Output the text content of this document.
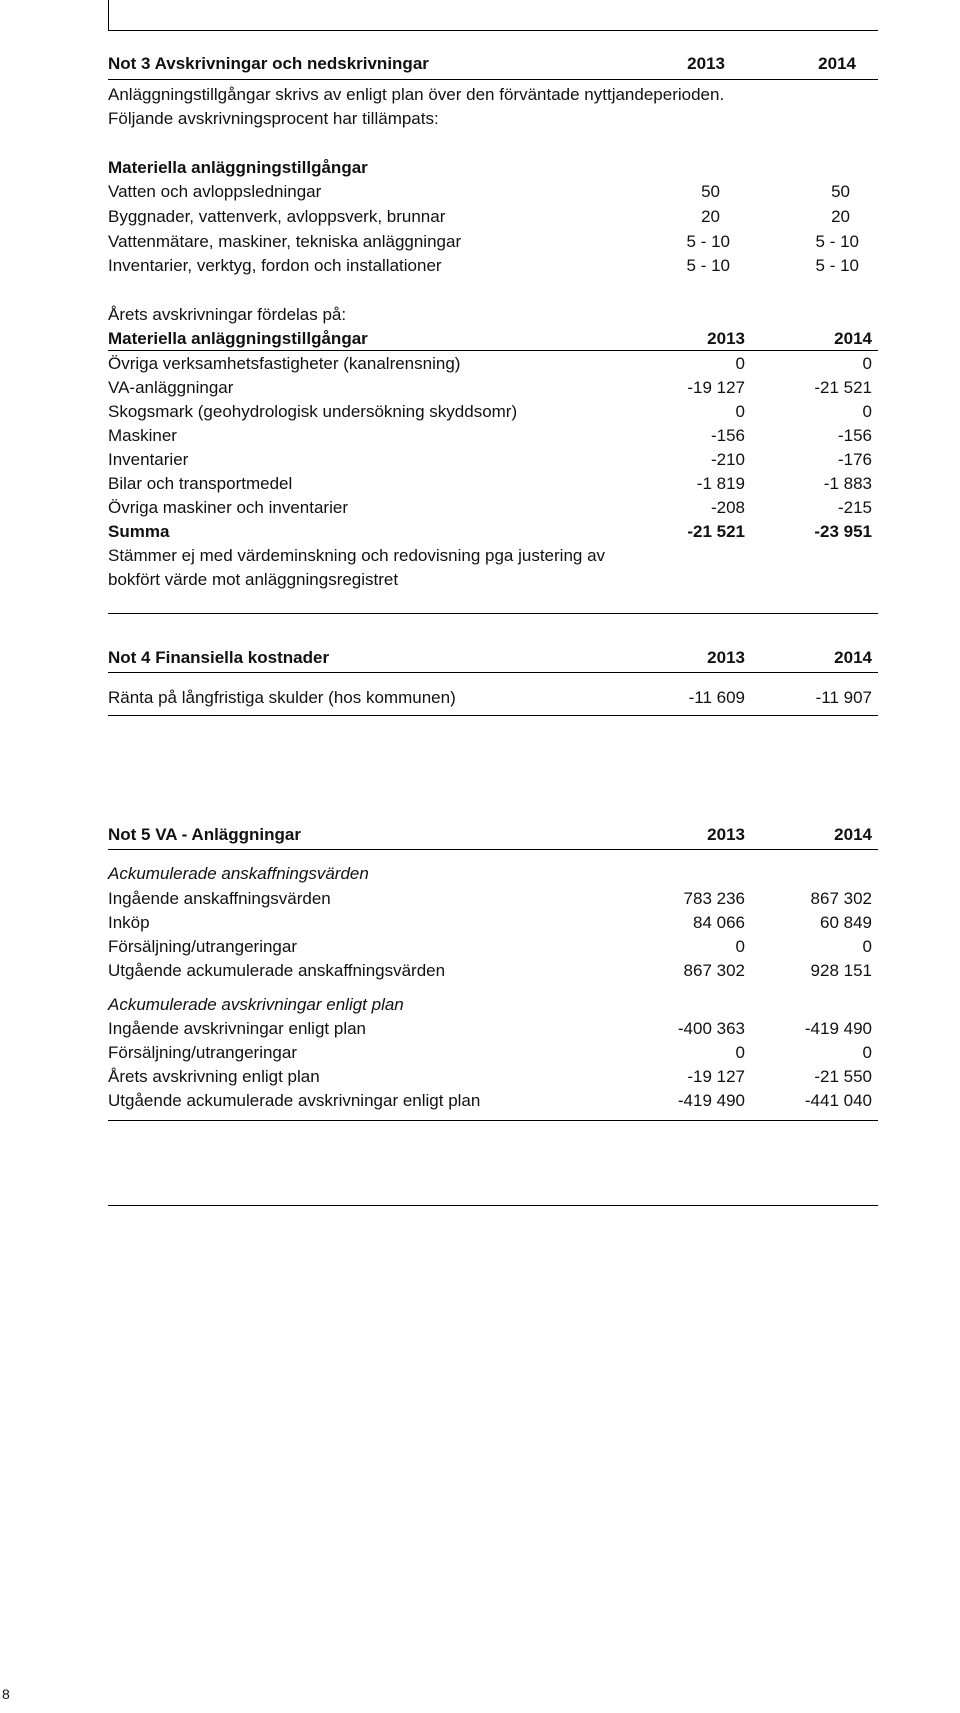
Not 3 Avskrivningar och nedskrivningar	2013	2014
Anläggningstillgångar skrivs av enligt plan över den förväntade nyttjandeperioden.
Följande avskrivningsprocent har tillämpats:
Materiella anläggningstillgångar
Vatten och avloppsledningar	50	50
Byggnader, vattenverk, avloppsverk, brunnar	20	20
Vattenmätare, maskiner, tekniska anläggningar	5 - 10	5 - 10
Inventarier, verktyg, fordon och installationer	5 - 10	5 - 10
Årets avskrivningar fördelas på:
Materiella anläggningstillgångar	2013	2014
Övriga verksamhetsfastigheter (kanalrensning)	0	0
VA-anläggningar	-19 127	-21 521
Skogsmark (geohydrologisk undersökning skyddsomr)	0	0
Maskiner	-156	-156
Inventarier	-210	-176
Bilar och transportmedel	-1 819	-1 883
Övriga maskiner och inventarier	-208	-215
Summa	-21 521	-23 951
Stämmer ej med värdeminskning och redovisning pga justering av
bokfört värde mot anläggningsregistret
Not 4 Finansiella kostnader	2013	2014
Ränta på långfristiga skulder (hos kommunen)	-11 609	-11 907
Not 5 VA - Anläggningar	2013	2014
Ackumulerade anskaffningsvärden
Ingående anskaffningsvärden	783 236	867 302
Inköp	84 066	60 849
Försäljning/utrangeringar	0	0
Utgående ackumulerade anskaffningsvärden	867 302	928 151
Ackumulerade avskrivningar enligt plan
Ingående avskrivningar enligt plan	-400 363	-419 490
Försäljning/utrangeringar	0	0
Årets avskrivning enligt plan	-19 127	-21 550
Utgående ackumulerade avskrivningar enligt plan	-419 490	-441 040
8
